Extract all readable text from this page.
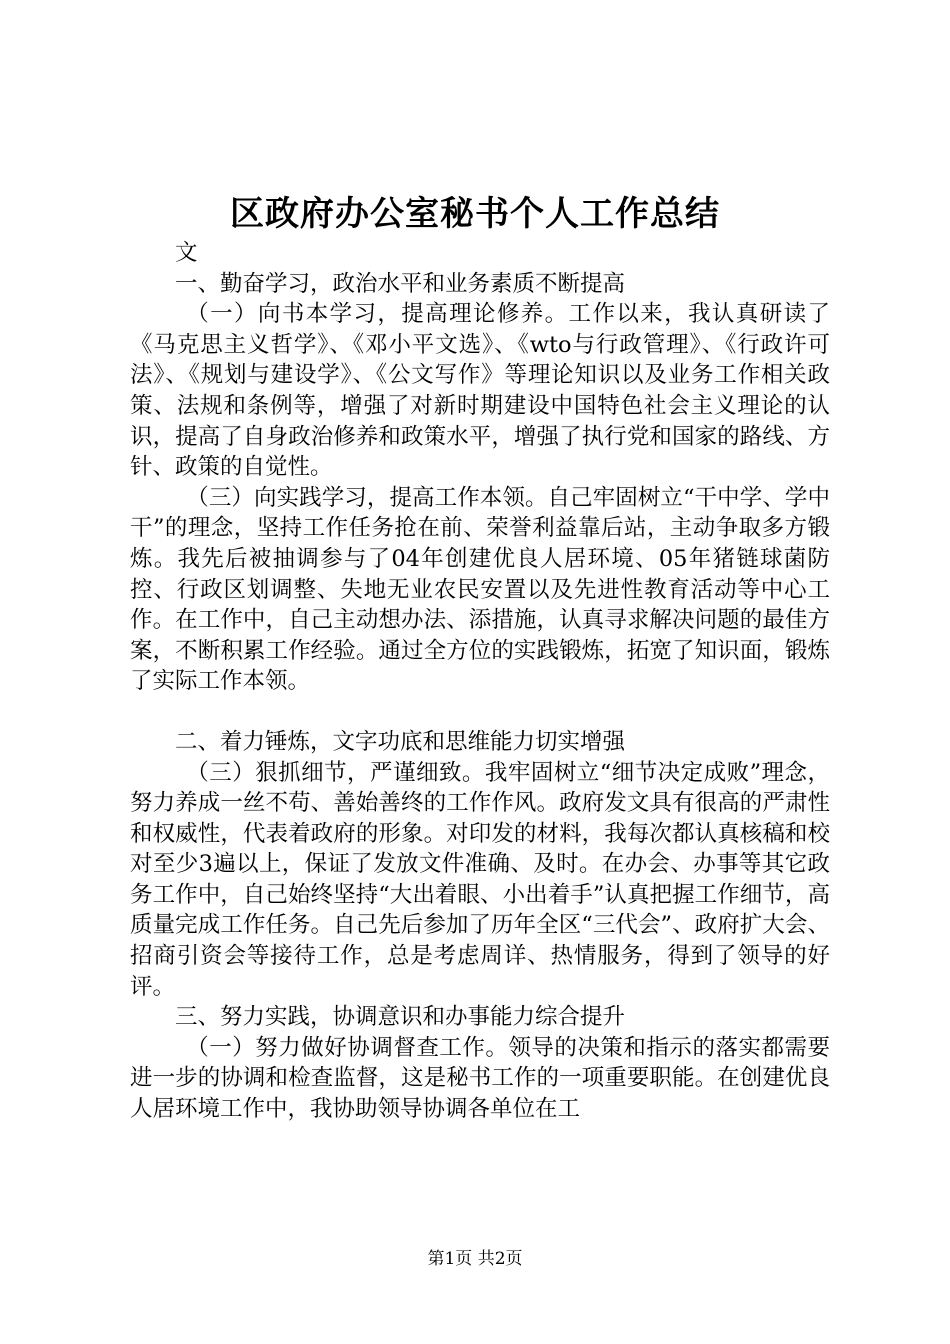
区政府办公室秘书个人工作总结

文

一、勤奋学习，政治水平和业务素质不断提高

（一）向书本学习，提高理论修养。工作以来，我认真研读了《马克思主义哲学》、《邓小平文选》、《wto与行政管理》、《行政许可法》、《规划与建设学》、《公文写作》等理论知识以及业务工作相关政策、法规和条例等，增强了对新时期建设中国特色社会主义理论的认识，提高了自身政治修养和政策水平，增强了执行党和国家的路线、方针、政策的自觉性。

（三）向实践学习，提高工作本领。自己牢固树立“干中学、学中干”的理念，坚持工作任务抢在前、荣誉利益靠后站，主动争取多方锻炼。我先后被抽调参与了04年创建优良人居环境、05年猪链球菌防控、行政区划调整、失地无业农民安置以及先进性教育活动等中心工作。在工作中，自己主动想办法、添措施，认真寻求解决问题的最佳方案，不断积累工作经验。通过全方位的实践锻炼，拓宽了知识面，锻炼了实际工作本领。

二、着力锤炼，文字功底和思维能力切实增强

（三）狠抓细节，严谨细致。我牢固树立“细节决定成败”理念，努力养成一丝不苟、善始善终的工作作风。政府发文具有很高的严肃性和权威性，代表着政府的形象。对印发的材料，我每次都认真核稿和校对至少3遍以上，保证了发放文件准确、及时。在办会、办事等其它政务工作中，自己始终坚持“大出着眼、小出着手”认真把握工作细节，高质量完成工作任务。自己先后参加了历年全区“三代会”、政府扩大会、招商引资会等接待工作，总是考虑周详、热情服务，得到了领导的好评。

三、努力实践，协调意识和办事能力综合提升

（一）努力做好协调督查工作。领导的决策和指示的落实都需要进一步的协调和检查监督，这是秘书工作的一项重要职能。在创建优良人居环境工作中，我协助领导协调各单位在工

第1页 共2页
